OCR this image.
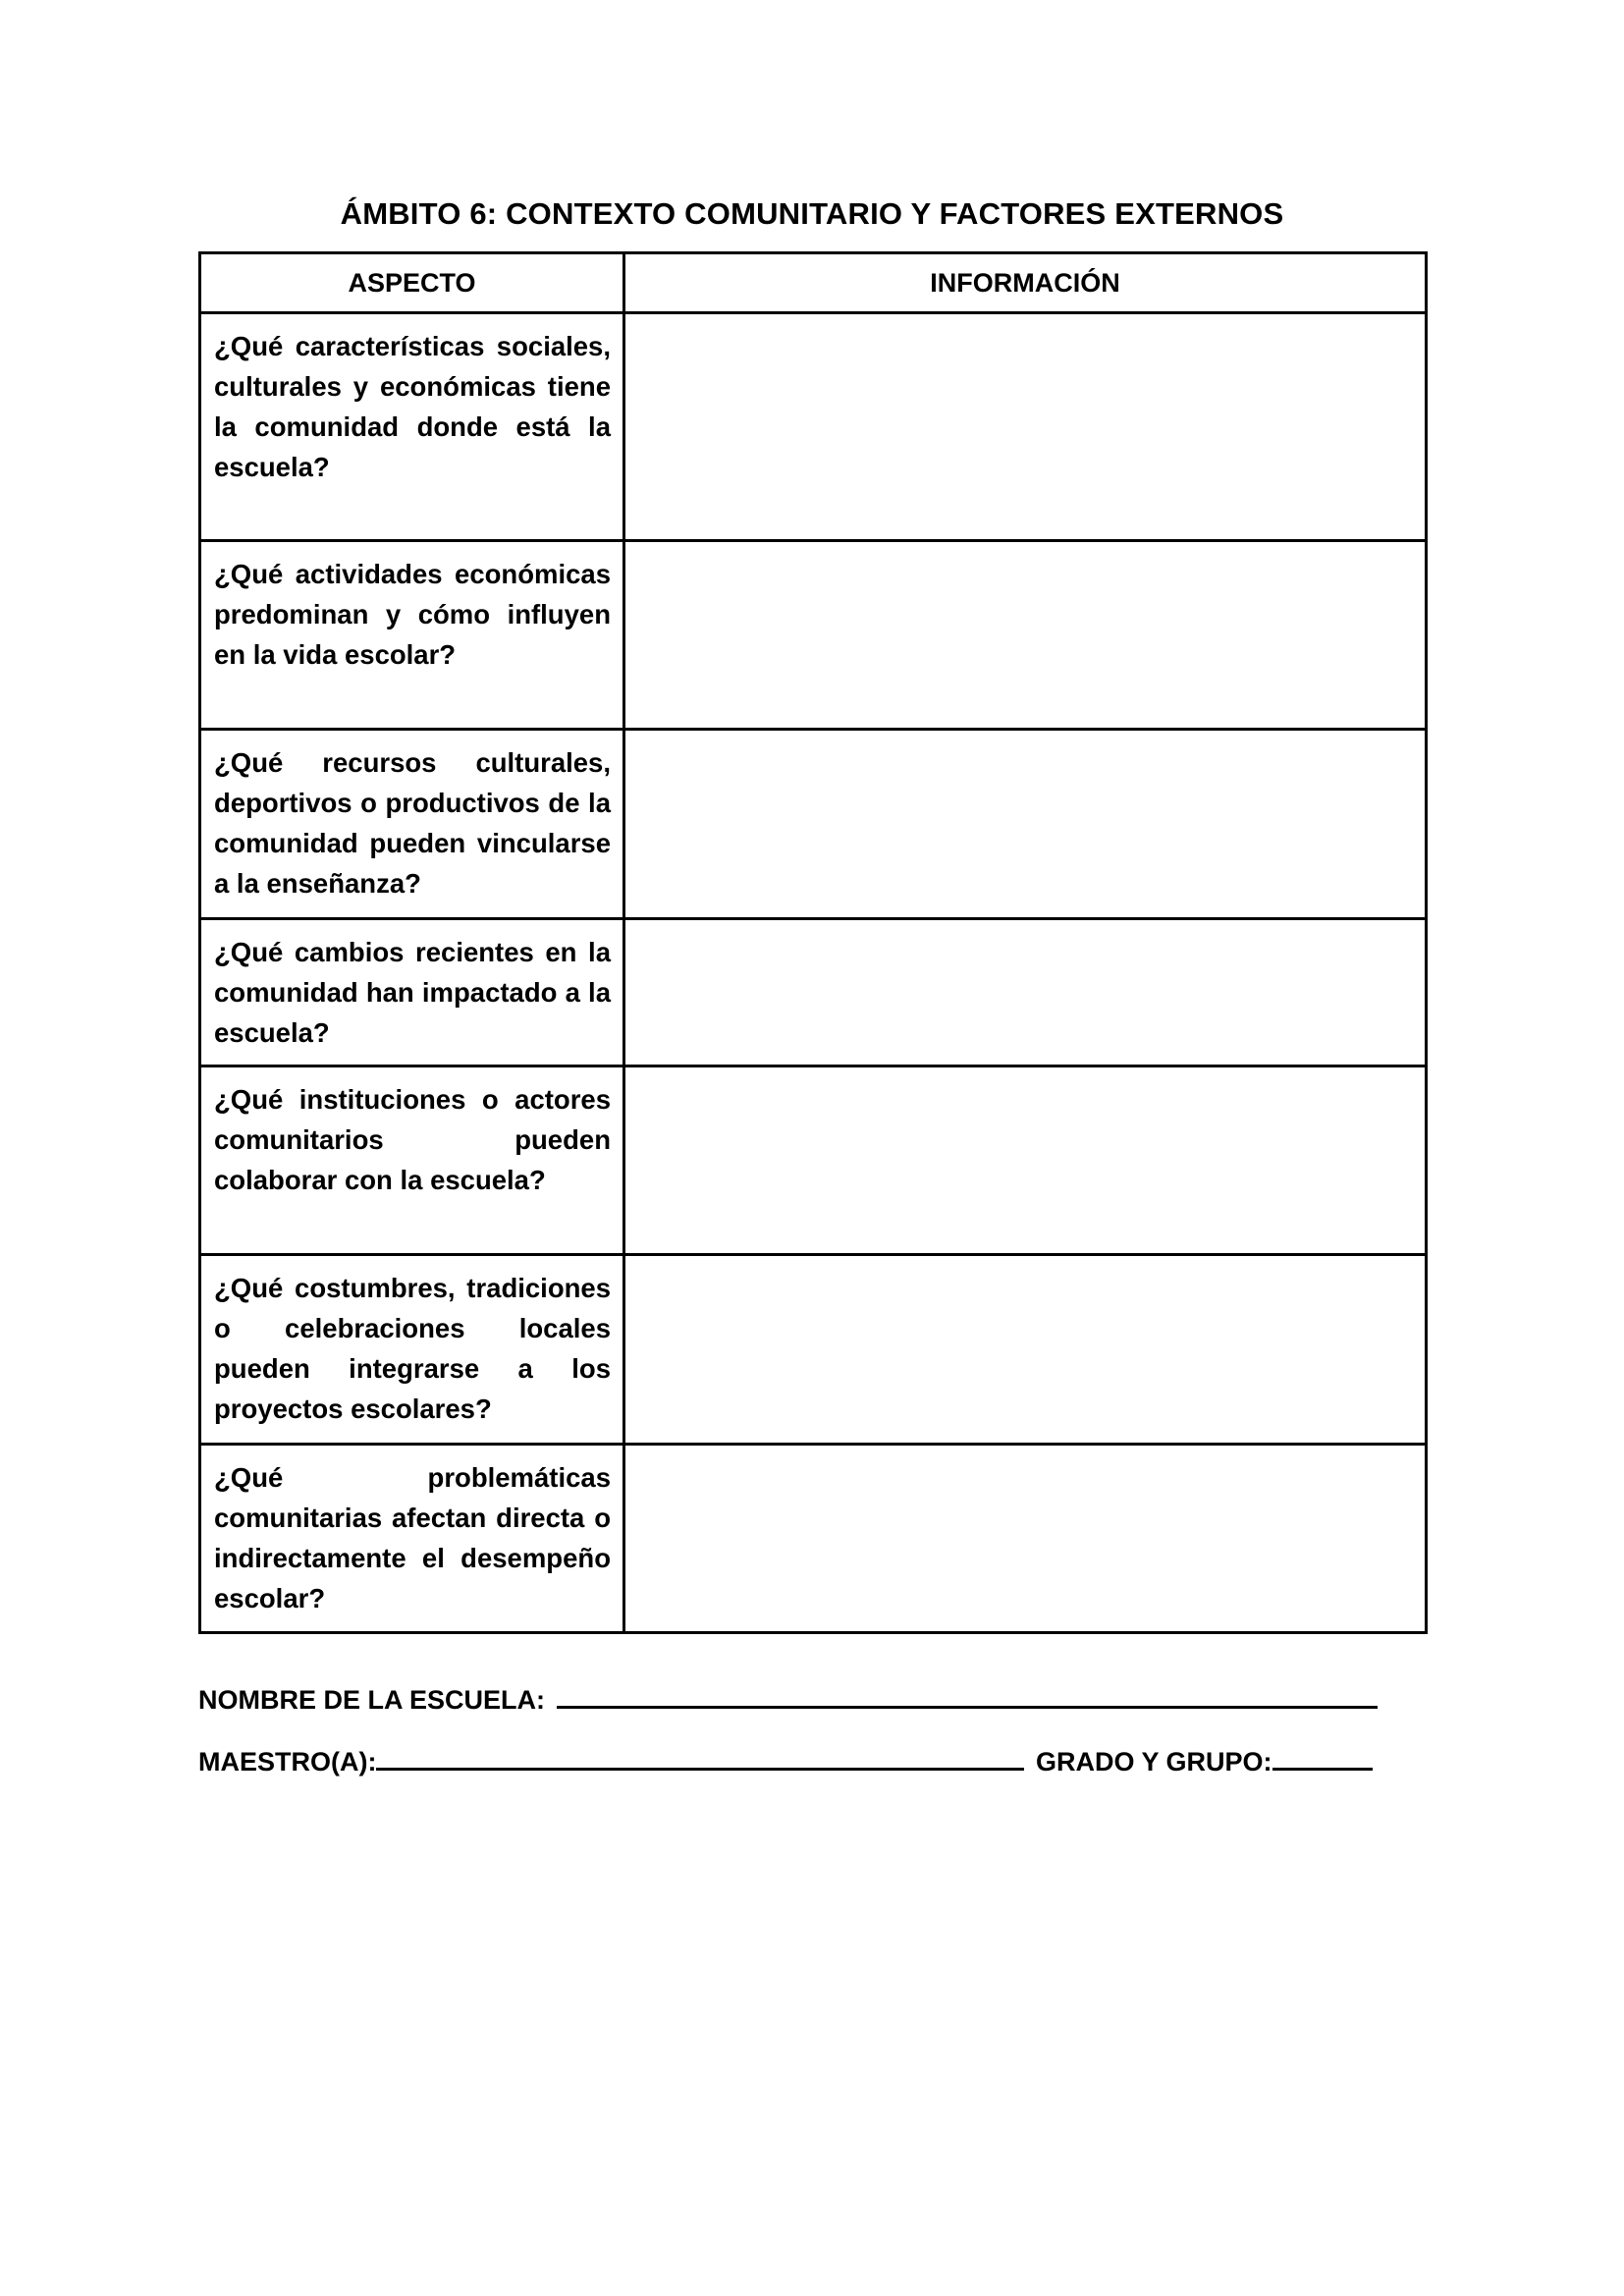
ÁMBITO 6: CONTEXTO COMUNITARIO Y FACTORES EXTERNOS
ASPECTO	INFORMACIÓN

¿Qué características sociales, culturales y económicas tiene la comunidad donde está la escuela?	

¿Qué actividades económicas predominan y cómo influyen en la vida escolar?	

¿Qué recursos culturales, deportivos o productivos de la comunidad pueden vincularse a la enseñanza?	

¿Qué cambios recientes en la comunidad han impactado a la escuela?	

¿Qué instituciones o actores comunitarios pueden colaborar con la escuela?	

¿Qué costumbres, tradiciones o celebraciones locales pueden integrarse a los proyectos escolares?	

¿Qué problemáticas comunitarias afectan directa o indirectamente el desempeño escolar?	

NOMBRE DE LA ESCUELA:
MAESTRO(A):	GRADO Y GRUPO:
